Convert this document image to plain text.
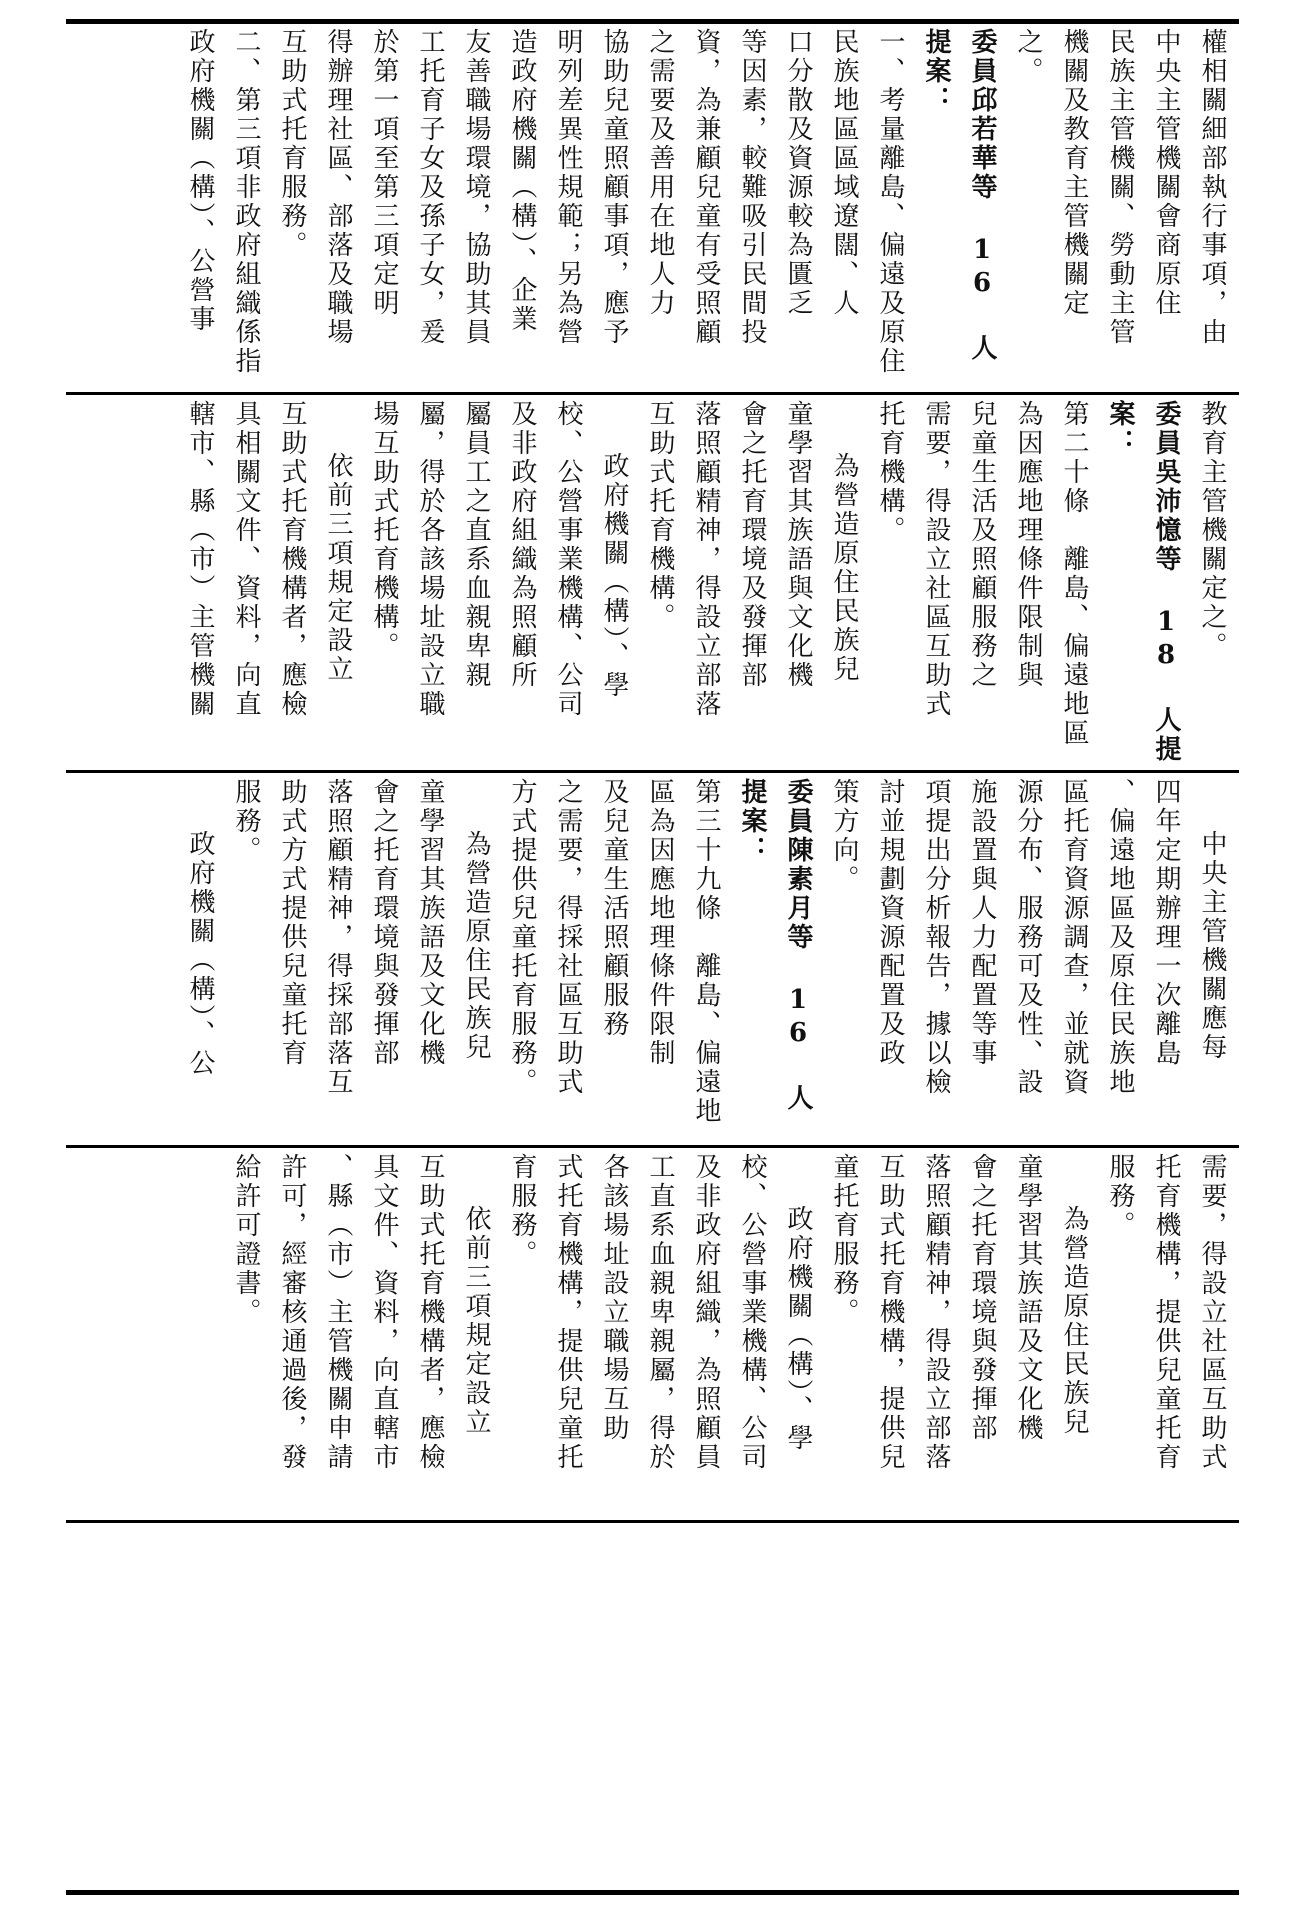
權相關細部執行事項，由

中央主管機關會商原住

民族主管機關、勞動主管

機關及教育主管機關定

之。

委員邱若華等 16 人提案：

一、考量離島、偏遠及原住

民族地區區域遼闊、人

口分散及資源較為匱乏

等因素，較難吸引民間投

資，為兼顧兒童有受照顧

之需要及善用在地人力

協助兒童照顧事項，應予

明列差異性規範；另為營

造政府機關（構）、企業

友善職場環境，協助其員

工托育子女及孫子女，爰

於第一項至第三項定明

得辦理社區、部落及職場

互助式托育服務。

二、第三項非政府組織係指

政府機關（構）、公營事

教育主管機關定之。

委員吳沛憶等 18 人提案：

第二十條　離島、偏遠地區

為因應地理條件限制與

兒童生活及照顧服務之

需要，得設立社區互助式

托育機構。

為營造原住民族兒

童學習其族語與文化機

會之托育環境及發揮部

落照顧精神，得設立部落

互助式托育機構。

政府機關（構）、學

校、公營事業機構、公司

及非政府組織為照顧所

屬員工之直系血親卑親

屬，得於各該場址設立職

場互助式托育機構。

依前三項規定設立

互助式托育機構者，應檢

具相關文件、資料，向直

轄市、縣（市）主管機關

中央主管機關應每

四年定期辦理一次離島

、偏遠地區及原住民族地

區托育資源調查，並就資

源分布、服務可及性、設

施設置與人力配置等事

項提出分析報告，據以檢

討並規劃資源配置及政

策方向。

委員陳素月等 16 人提案：

第三十九條　離島、偏遠地

區為因應地理條件限制

及兒童生活照顧服務

之需要，得採社區互助式

方式提供兒童托育服務。

為營造原住民族兒

童學習其族語及文化機

會之托育環境與發揮部

落照顧精神，得採部落互

助式方式提供兒童托育

服務。

政府機關（構）、公

需要，得設立社區互助式

托育機構，提供兒童托育

服務。

為營造原住民族兒

童學習其族語及文化機

會之托育環境與發揮部

落照顧精神，得設立部落

互助式托育機構，提供兒

童托育服務。

政府機關（構）、學

校、公營事業機構、公司

及非政府組織，為照顧員

工直系血親卑親屬，得於

各該場址設立職場互助

式托育機構，提供兒童托

育服務。

依前三項規定設立

互助式托育機構者，應檢

具文件、資料，向直轄市

、縣（市）主管機關申請

許可，經審核通過後，發

給許可證書。
